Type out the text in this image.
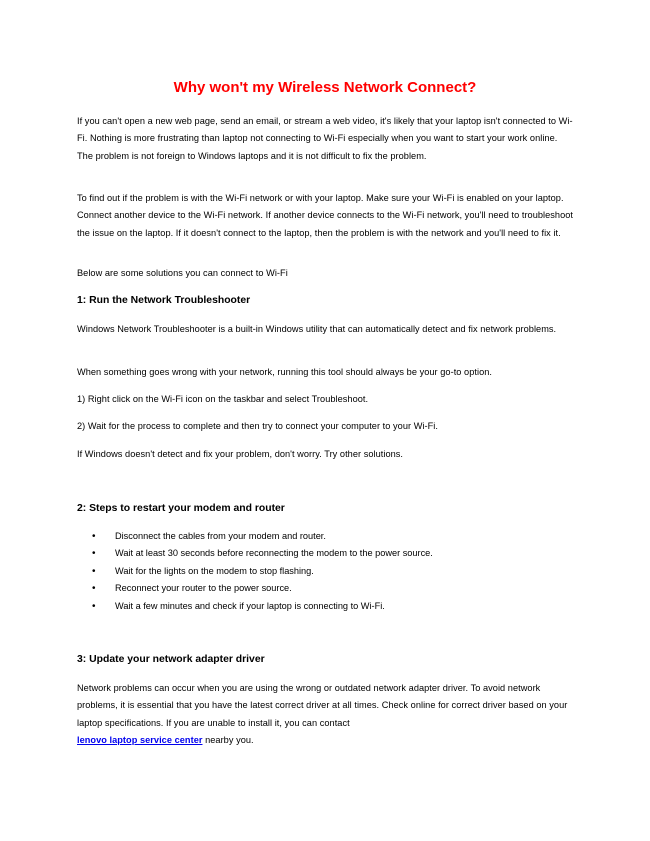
Why won't my Wireless Network Connect?
If you can't open a new web page, send an email, or stream a web video, it's likely that your laptop isn't connected to Wi-Fi. Nothing is more frustrating than laptop not connecting to Wi-Fi especially when you want to start your work online. The problem is not foreign to Windows laptops and it is not difficult to fix the problem.
To find out if the problem is with the Wi-Fi network or with your laptop. Make sure your Wi-Fi is enabled on your laptop. Connect another device to the Wi-Fi network. If another device connects to the Wi-Fi network, you'll need to troubleshoot the issue on the laptop. If it doesn't connect to the laptop, then the problem is with the network and you'll need to fix it.
Below are some solutions you can connect to Wi-Fi
1: Run the Network Troubleshooter
Windows Network Troubleshooter is a built-in Windows utility that can automatically detect and fix network problems.
When something goes wrong with your network, running this tool should always be your go-to option.
1) Right click on the Wi-Fi icon on the taskbar and select Troubleshoot.
2) Wait for the process to complete and then try to connect your computer to your Wi-Fi.
If Windows doesn't detect and fix your problem, don't worry. Try other solutions.
2: Steps to restart your modem and router
• Disconnect the cables from your modem and router.
• Wait at least 30 seconds before reconnecting the modem to the power source.
• Wait for the lights on the modem to stop flashing.
• Reconnect your router to the power source.
• Wait a few minutes and check if your laptop is connecting to Wi-Fi.
3: Update your network adapter driver
Network problems can occur when you are using the wrong or outdated network adapter driver. To avoid network problems, it is essential that you have the latest correct driver at all times. Check online for correct driver based on your laptop specifications. If you are unable to install it, you can contact
lenovo laptop service center nearby you.
